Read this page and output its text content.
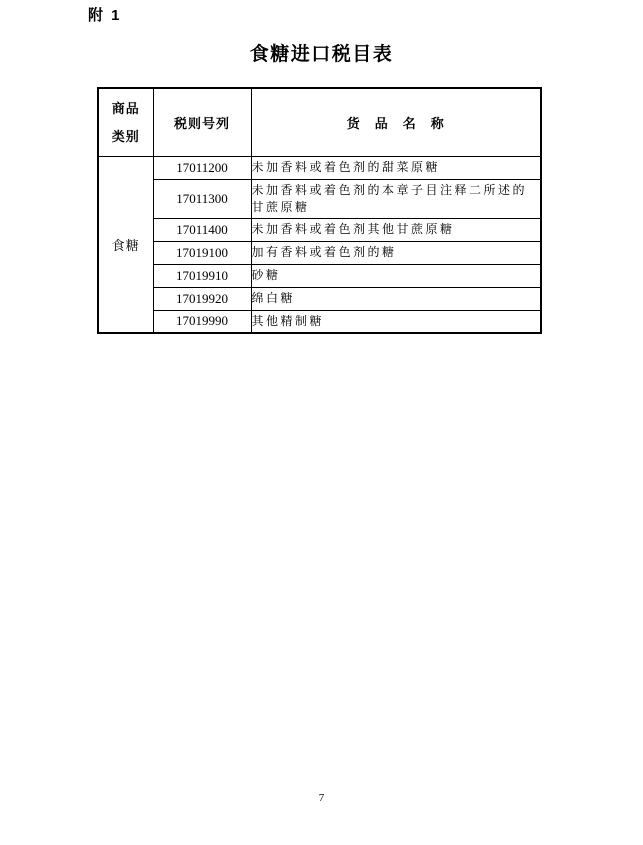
附 1
食糖进口税目表
商品
类别	税则号列	货　品　名　称
食糖	17011200	未加香料或着色剂的甜菜原糖
	17011300	未加香料或着色剂的本章子目注释二所述的甘蔗原糖
	17011400	未加香料或着色剂其他甘蔗原糖
	17019100	加有香料或着色剂的糖
	17019910	砂糖
	17019920	绵白糖
	17019990	其他精制糖
7
